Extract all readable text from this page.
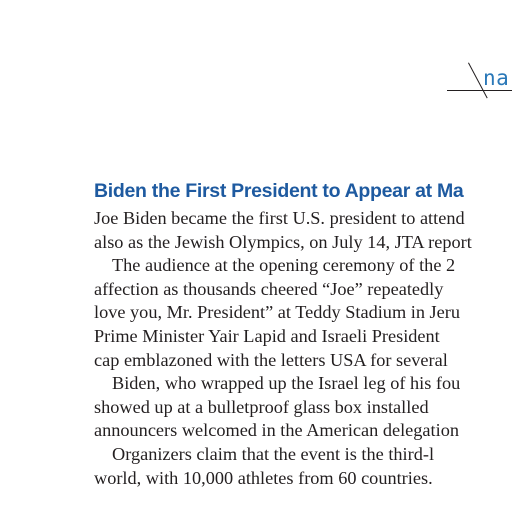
na
Biden the First President to Appear at Ma

Joe Biden became the first U.S. president to attend

also as the Jewish Olympics, on July 14, JTA report

The audience at the opening ceremony of the 2

affection as thousands cheered “Joe” repeatedly

love you, Mr. President” at Teddy Stadium in Jeru

Prime Minister Yair Lapid and Israeli President

cap emblazoned with the letters USA for several

Biden, who wrapped up the Israel leg of his fou

showed up at a bulletproof glass box installed

announcers welcomed in the American delegation

Organizers claim that the event is the third-l

world, with 10,000 athletes from 60 countries.
